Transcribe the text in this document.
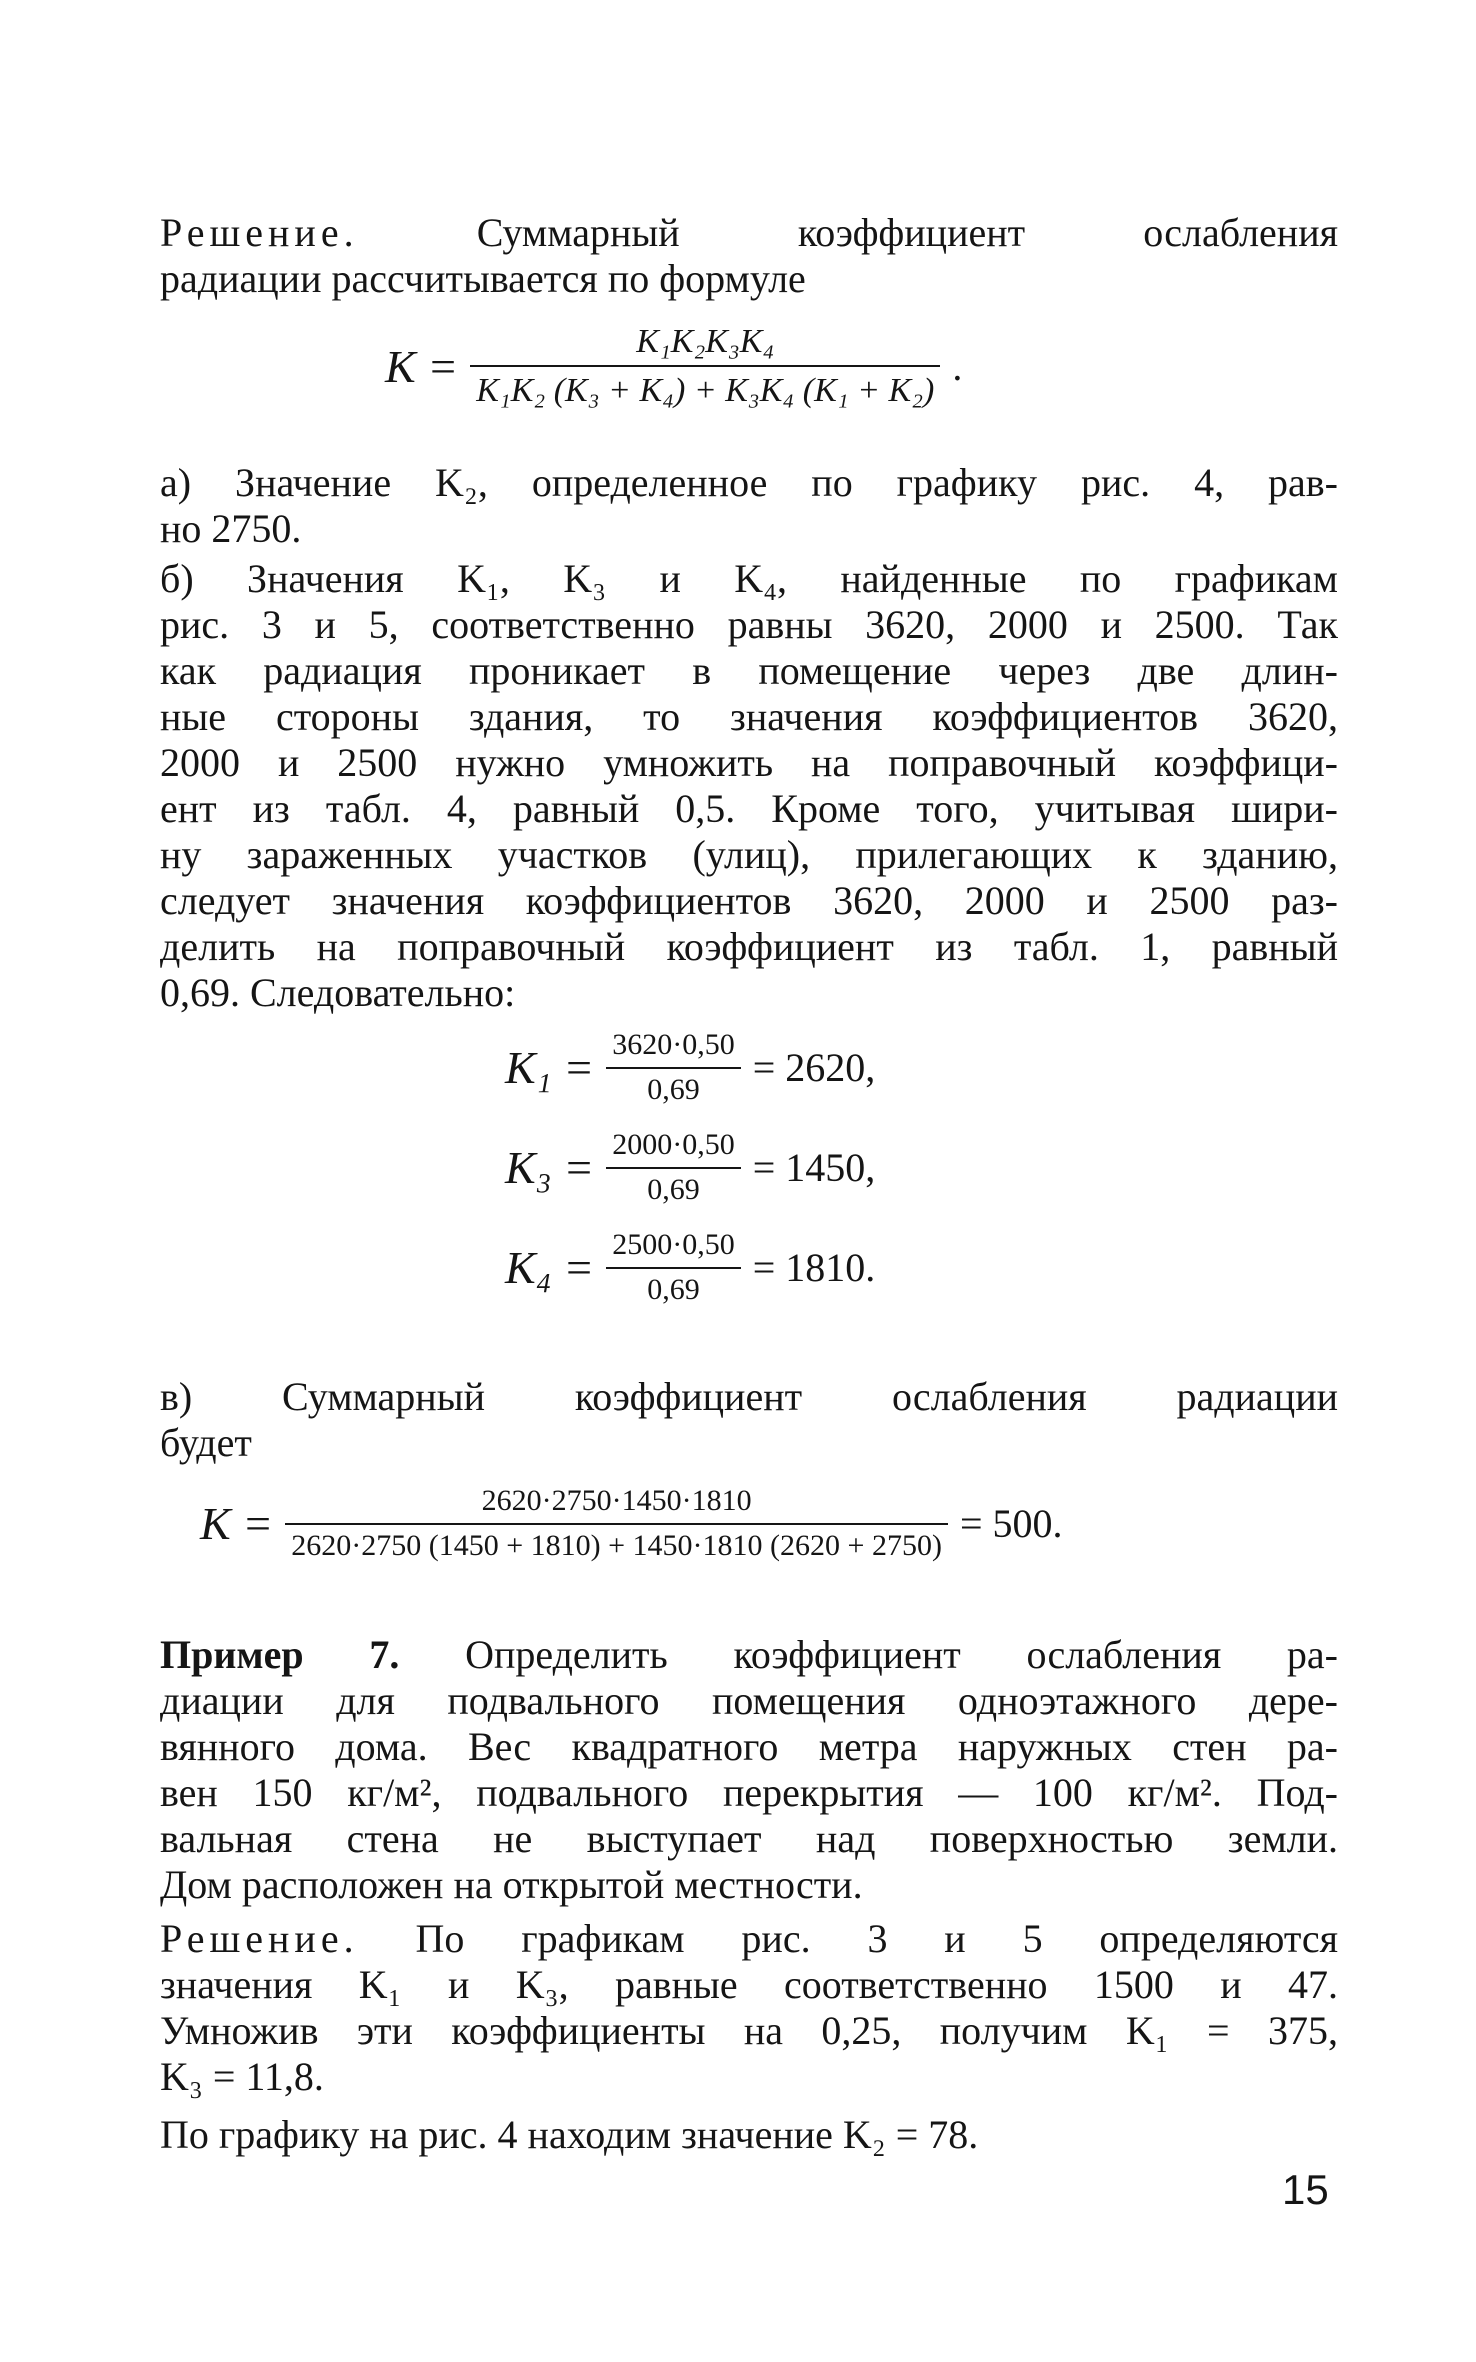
Решение.	Суммарный коэффициент ослабления
радиации рассчитывается по формуле
$K = \frac{\text{K₁K₂K₃K₄}}{\text{K₁K₂ (K₃ + K₄) + K₃K₄ (K₁ + K₂)}}$ .
а) Значение K₂, определенное по графику рис. 4, рав-
но 2750.
б) Значения K₁, K₃ и K₄, найденные по графикам
рис. 3 и 5, соответственно равны 3620, 2000 и 2500. Так
как радиация проникает в помещение через две длин-
ные стороны здания, то значения коэффициентов 3620,
2000 и 2500 нужно умножить на поправочный коэффици-
ент из табл. 4, равный 0,5. Кроме того, учитывая шири-
ну зараженных участков (улиц), прилегающих к зданию,
следует значения коэффициентов 3620, 2000 и 2500 раз-
делить на поправочный коэффициент из табл. 1, равный
0,69. Следовательно:
$K_1 = \frac{3620\cdot 0,50}{0,69} = 2620$,
$K_3 = \frac{2000\cdot 0,50}{0,69} = 1450$,
$K_4 = \frac{2500\cdot 0,50}{0,69} = 1810$.
в) Суммарный коэффициент ослабления радиации
будет
$K = \frac{2620\cdot 2750\cdot 1450\cdot 1810}{2620\cdot 2750 (1450 + 1810) + 1450\cdot 1810 (2620 + 2750)} = 500$.
Пример 7. Определить коэффициент ослабления ра-
диации для подвального помещения одноэтажного дере-
вянного дома. Вес квадратного метра наружных стен ра-
вен 150 кг/м², подвального перекрытия — 100 кг/м². Под-
вальная стена не выступает над поверхностью земли.
Дом расположен на открытой местности.
Решение. По графикам рис. 3 и 5 определяются
значения K₁ и K₃, равные соответственно 1500 и 47.
Умножив эти коэффициенты на 0,25, получим K₁ = 375,
K₃ = 11,8.
По графику на рис. 4 находим значение K₂ = 78.
15
